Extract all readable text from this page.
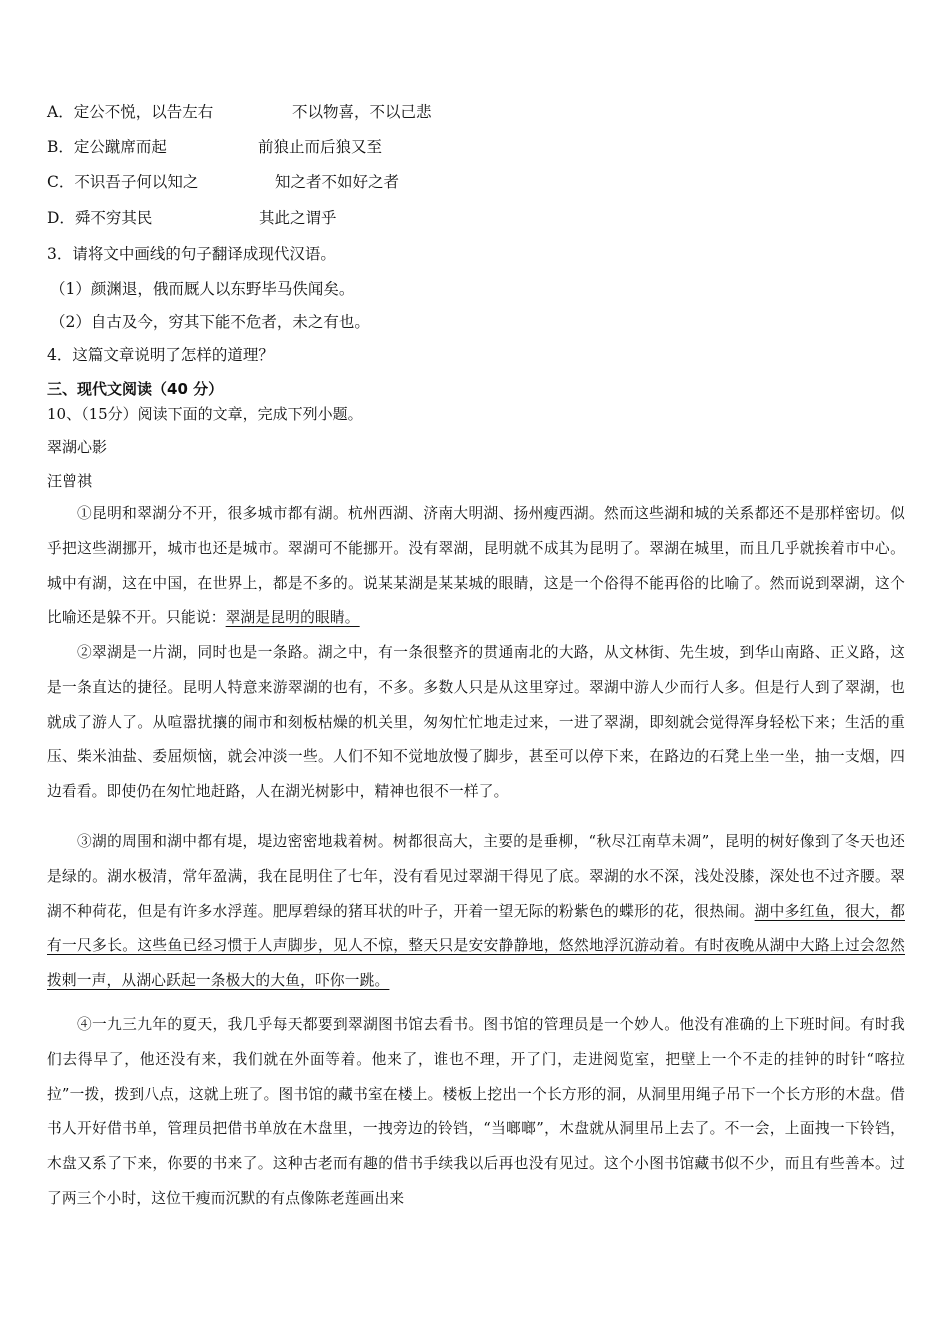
A．定公不悦，以告左右	不以物喜，不以己悲
B．定公蹴席而起	前狼止而后狼又至
C．不识吾子何以知之	知之者不如好之者
D．舜不穷其民	其此之谓乎
3．请将文中画线的句子翻译成现代汉语。
（1）颜渊退，俄而厩人以东野毕马佚闻矣。
（2）自古及今，穷其下能不危者，未之有也。
4．这篇文章说明了怎样的道理？
三、现代文阅读（40 分）
10、（15分）阅读下面的文章，完成下列小题。
翠湖心影
汪曾祺
①昆明和翠湖分不开，很多城市都有湖。杭州西湖、济南大明湖、扬州瘦西湖。然而这些湖和城的关系都还不是那样密切。似乎把这些湖挪开，城市也还是城市。翠湖可不能挪开。没有翠湖，昆明就不成其为昆明了。翠湖在城里，而且几乎就挨着市中心。城中有湖，这在中国，在世界上，都是不多的。说某某湖是某某城的眼睛，这是一个俗得不能再俗的比喻了。然而说到翠湖，这个比喻还是躲不开。只能说：翠湖是昆明的眼睛。
②翠湖是一片湖，同时也是一条路。湖之中，有一条很整齐的贯通南北的大路，从文林街、先生坡，到华山南路、正义路，这是一条直达的捷径。昆明人特意来游翠湖的也有，不多。多数人只是从这里穿过。翠湖中游人少而行人多。但是行人到了翠湖，也就成了游人了。从喧嚣扰攘的闹市和刻板枯燥的机关里，匆匆忙忙地走过来，一进了翠湖，即刻就会觉得浑身轻松下来；生活的重压、柴米油盐、委屈烦恼，就会冲淡一些。人们不知不觉地放慢了脚步，甚至可以停下来，在路边的石凳上坐一坐，抽一支烟，四边看看。即使仍在匆忙地赶路，人在湖光树影中，精神也很不一样了。
③湖的周围和湖中都有堤，堤边密密地栽着树。树都很高大，主要的是垂柳，“秋尽江南草未凋”，昆明的树好像到了冬天也还是绿的。湖水极清，常年盈满，我在昆明住了七年，没有看见过翠湖干得见了底。翠湖的水不深，浅处没膝，深处也不过齐腰。翠湖不种荷花，但是有许多水浮莲。肥厚碧绿的猪耳状的叶子，开着一望无际的粉紫色的蝶形的花，很热闹。湖中多红鱼，很大，都有一尺多长。这些鱼已经习惯于人声脚步，见人不惊，整天只是安安静静地，悠然地浮沉游动着。有时夜晚从湖中大路上过会忽然拨剌一声，从湖心跃起一条极大的大鱼，吓你一跳。
④一九三九年的夏天，我几乎每天都要到翠湖图书馆去看书。图书馆的管理员是一个妙人。他没有准确的上下班时间。有时我们去得早了，他还没有来，我们就在外面等着。他来了，谁也不理，开了门，走进阅览室，把壁上一个不走的挂钟的时针“喀拉拉”一拨，拨到八点，这就上班了。图书馆的藏书室在楼上。楼板上挖出一个长方形的洞，从洞里用绳子吊下一个长方形的木盘。借书人开好借书单，管理员把借书单放在木盘里，一拽旁边的铃铛，“当啷啷”，木盘就从洞里吊上去了。不一会，上面拽一下铃铛，木盘又系了下来，你要的书来了。这种古老而有趣的借书手续我以后再也没有见过。这个小图书馆藏书似不少，而且有些善本。过了两三个小时，这位干瘦而沉默的有点像陈老莲画出来
